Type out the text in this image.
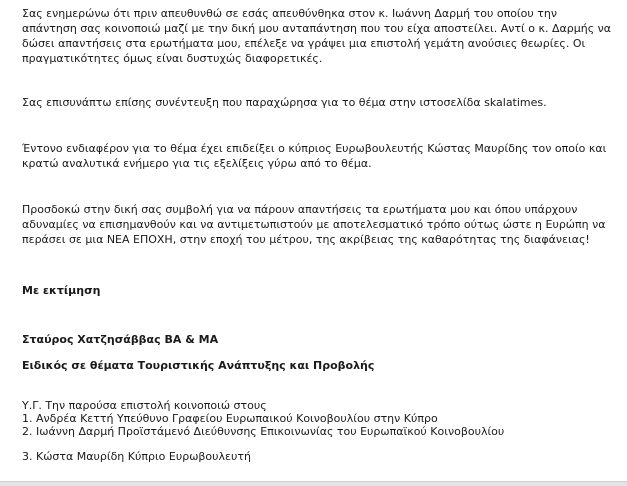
Σας ενημερώνω ότι πριν απευθυνθώ σε εσάς απευθύνθηκα στον κ. Ιωάννη Δαρμή του οποίου την απάντηση σας κοινοποιώ μαζί με την δική μου ανταπάντηση που του είχα αποστείλει. Αντί ο κ. Δαρμής να δώσει απαντήσεις στα ερωτήματα μου, επέλεξε να γράψει μια επιστολή γεμάτη ανούσιες θεωρίες. Οι πραγματικότητες όμως είναι δυστυχώς διαφορετικές.

Σας επισυνάπτω επίσης συνέντευξη που παραχώρησα για το θέμα στην ιστοσελίδα skalatimes.

Έντονο ενδιαφέρον για το θέμα έχει επιδείξει ο κύπριος Ευρωβουλευτής Κώστας Μαυρίδης τον οποίο και κρατώ αναλυτικά ενήμερο για τις εξελίξεις γύρω από το θέμα.

Προσδοκώ στην δική σας συμβολή για να πάρουν απαντήσεις τα ερωτήματα μου και όπου υπάρχουν αδυναμίες να επισημανθούν και να αντιμετωπιστούν με αποτελεσματικό τρόπο ούτως ώστε η Ευρώπη να περάσει σε μια ΝΕΑ ΕΠΟΧΗ, στην εποχή του μέτρου, της ακρίβειας της καθαρότητας της διαφάνειας!

Με εκτίμηση
Σταύρος Χατζησάββας ΒΑ & ΜΑ
Ειδικός σε θέματα Τουριστικής Ανάπτυξης και Προβολής
Υ.Γ. Την παρούσα επιστολή κοινοποιώ στους
1. Ανδρέα Κεττή Υπεύθυνο Γραφείου Ευρωπαικού Κοινοβουλίου στην Κύπρο
2. Ιωάννη Δαρμή Προϊστάμενό Διεύθυνσης Επικοινωνίας του Ευρωπαϊκού Κοινοβουλίου
3. Κώστα Μαυρίδη Κύπριο Ευρωβουλευτή
